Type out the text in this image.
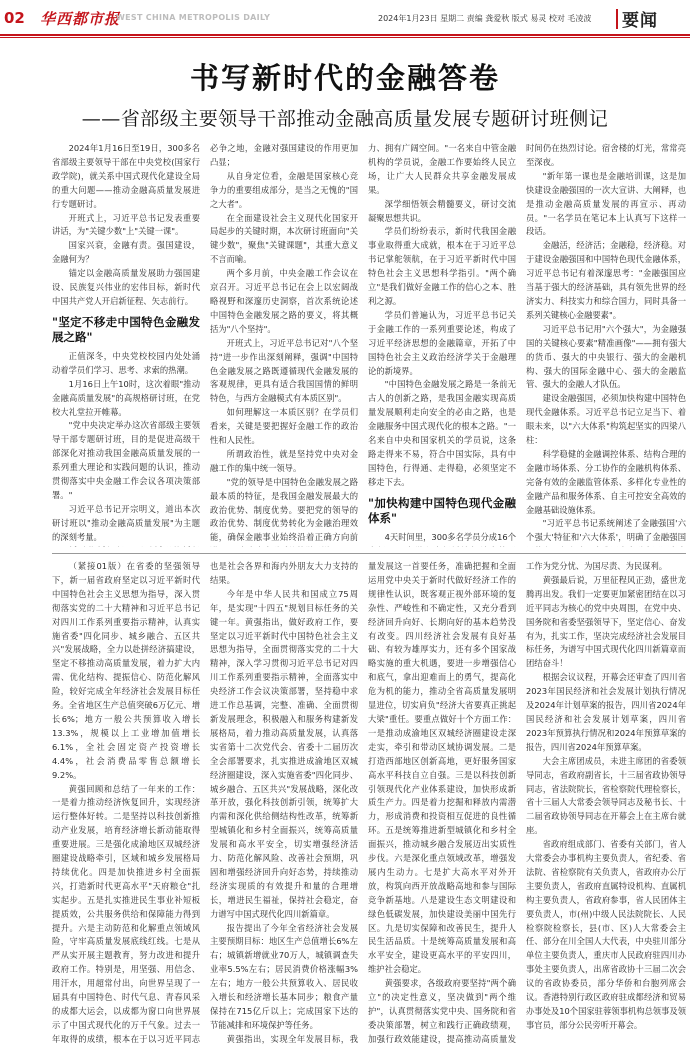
02 华西都市报
WEST CHINA METROPOLIS DAILY	2024年1月23日 星期二 责编 龚爱秋 版式 易灵 校对 毛凌波 要闻
书写新时代的金融答卷
——省部级主要领导干部推动金融高质量发展专题研讨班侧记

2024年1月16日至19日，300多名省部级主要领导干部在中央党校(国家行政学院)，就关系中国式现代化建设全局的重大问题——推动金融高质量发展进行专题研讨。

开班式上，习近平总书记发表重要讲话，为"关键少数"上"关键一课"。

国家兴衰，金融有责。强国建设，金融何为？

锚定以金融高质量发展助力强国建设、民族复兴伟业的宏伟目标，新时代中国共产党人开启新征程、矢志前行。

"坚定不移走中国特色金融发展之路"

正值深冬，中央党校校园内处处涌动着学员们学习、思考、求索的热潮。

1月16日上午10时，这次着眼"推动金融高质量发展"的高规格研讨班，在党校大礼堂拉开帷幕。

"党中央决定举办这次省部级主要领导干部专题研讨班，目的是促进高级干部深化对推动我国金融高质量发展的一系列重大理论和实践问题的认识，推动贯彻落实中央金融工作会议各项决策部署。"

习近平总书记开宗明义，道出本次研讨班以"推动金融高质量发展"为主题的深刻考量。

必争之地，金融对强国建设的作用更加凸显；

从自身定位看，金融是国家核心竞争力的重要组成部分，是当之无愧的"国之大者"。

在全面建设社会主义现代化国家开局起步的关键时期，本次研讨班面向"关键少数"，聚焦"关键课题"，其重大意义不言而喻。

两个多月前，中央金融工作会议在京召开。习近平总书记在会上以宏阔战略视野和深邃历史洞察，首次系统论述中国特色金融发展之路的要义，将其概括为"八个坚持"。

开班式上，习近平总书记对"八个坚持"进一步作出深刻阐释，强调"中国特色金融发展之路既遵循现代金融发展的客观规律，更具有适合我国国情的鲜明特色，与西方金融模式有本质区别"。

如何理解这一本质区别？在学员们看来，关键是要把握好金融工作的政治性和人民性。

所谓政治性，就是坚持党中央对金融工作的集中统一领导。

"党的领导是中国特色金融发展之路最本质的特征，是我国金融发展最大的政治优势、制度优势。要把党的领导的政治优势、制度优势转化为金融治理效能，确保金融事业始终沿着正确方向前

力、拥有广阔空间。"一名来自中管金融机构的学员说，金融工作要始终人民立场，让广大人民群众共享金融发展成果。

深学细悟领会精髓要义，研讨交流凝聚思想共识。

学员们纷纷表示，新时代我国金融事业取得重大成就，根本在于习近平总书记掌舵领航，在于习近平新时代中国特色社会主义思想科学指引。"两个确立"是我们做好金融工作的信心之本、胜利之源。

学员们普遍认为，习近平总书记关于金融工作的一系列重要论述，构成了习近平经济思想的金融篇章，开拓了中国特色社会主义政治经济学关于金融理论的新境界。

"中国特色金融发展之路是一条前无古人的创新之路，是我国金融实现高质量发展顺利走向安全的必由之路，也是金融服务中国式现代化的根本之路。"一名来自中央和国家机关的学员说，这条路走得来不易，符合中国实际，具有中国特色，行得通、走得稳，必须坚定不移走下去。

"加快构建中国特色现代金融体系"

4天时间里，300多名学员分成16个

时间仍在热烈讨论。宿舍楼的灯光，常常亮至深夜。

"新年第一课也是金融培训课，这是加快建设金融强国的一次大宣讲、大阐释，也是推动金融高质量发展的再宣示、再动员。"一名学员在笔记本上认真写下这样一段话。

金融活，经济活；金融稳，经济稳。对于建设金融强国和中国特色现代金融体系，习近平总书记有着深邃思考："金融强国应当基于强大的经济基础，具有领先世界的经济实力、科技实力和综合国力，同时具备一系列关键核心金融要素"。

习近平总书记用"六个强大"，为金融强国的关键核心要素"精准画像"——拥有强大的货币、强大的中央银行、强大的金融机构、强大的国际金融中心、强大的金融监管、强大的金融人才队伍。

建设金融强国，必须加快构建中国特色现代金融体系。习近平总书记立足当下、着眼未来，以"六大体系"构筑起坚实的四梁八柱：

科学稳健的金融调控体系、结构合理的金融市场体系、分工协作的金融机构体系、完备有效的金融监管体系、多样化专业性的金融产品和服务体系、自主可控安全高效的金融基础设施体系。

"习近平总书记系统阐述了金融强国'六个强大'特征和'六大体系'，明确了金融强国

（紧接01版）在省委的坚强领导下，新一届省政府坚定以习近平新时代中国特色社会主义思想为指导，深入贯彻落实党的二十大精神和习近平总书记对四川工作系列重要指示精神，认真实施省委"四化同步、城乡融合、五区共兴"发展战略，全力以赴拼经济搞建设，坚定不移推动高质量发展，着力扩大内需、优化结构、提振信心、防范化解风险，较好完成全年经济社会发展目标任务。全省地区生产总值突破6万亿元、增长6%；地方一般公共预算收入增长13.3%，规模以上工业增加值增长6.1%，全社会固定资产投资增长4.4%，社会消费品零售总额增长9.2%。

黄强回顾和总结了一年来的工作：一是着力推动经济恢复回升，实现经济运行整体好转。二是坚持以科技创新推动产业发展，培育经济增长新动能取得重要进展。三是强化成渝地区双城经济圈建设战略牵引，区域和城乡发展格局持续优化。四是加快推进乡村全面振兴，打造新时代更高水平"天府粮仓"扎实起步。五是扎实推进民生事业补短板提质效，公共服务供给和保障能力得到提升。六是主动防范和化解重点领域风险，守牢高质量发展底线红线。七是从严从实开展主题教育，努力改进和提升政府工作。特别是，用坚强、用信念、用汗水，用超常付出，向世界呈现了一届具有中国特色、时代气息、青春风采的成都大运会，以成都为窗口向世界展示了中国式现代化的万千气象。过去一年取得的成绩，根本在于以习近平同志

也是社会各界和海内外朋友大力支持的结果。

今年是中华人民共和国成立75周年，是实现"十四五"规划目标任务的关键一年。黄强指出，做好政府工作，要坚定以习近平新时代中国特色社会主义思想为指导，全面贯彻落实党的二十大精神，深入学习贯彻习近平总书记对四川工作系列重要指示精神，全面落实中央经济工作会议决策部署，坚持稳中求进工作总基调，完整、准确、全面贯彻新发展理念，积极融入和服务构建新发展格局，着力推动高质量发展，认真落实省第十二次党代会、省委十二届历次全会部署要求，扎实推进成渝地区双城经济圈建设，深入实施省委"四化同步、城乡融合、五区共兴"发展战略，深化改革开放，强化科技创新引领，统筹扩大内需和深化供给侧结构性改革，统筹新型城镇化和乡村全面振兴，统筹高质量发展和高水平安全，切实增强经济活力、防范化解风险、改善社会预期，巩固和增强经济回升向好态势，持续推动经济实现质的有效提升和量的合理增长，增进民生福祉，保持社会稳定，奋力谱写中国式现代化四川新篇章。

报告提出了今年全省经济社会发展主要预期目标：地区生产总值增长6%左右；城镇新增就业70万人，城镇调查失业率5.5%左右；居民消费价格涨幅3%左右；地方一般公共预算收入、居民收入增长和经济增长基本同步；粮食产量保持在715亿斤以上；完成国家下达的节能减排和环境保护等任务。

黄强指出，实现全年发展目标，我

量发展这一首要任务，准确把握和全面运用党中央关于新时代做好经济工作的规律性认识，既客观正视外部环境的复杂性、严峻性和不确定性，又充分看到经济回升向好、长期向好的基本趋势没有改变。四川经济社会发展有良好基础、有较为雄厚实力，还有多个国家战略实施的重大机遇，要进一步增强信心和底气，拿出迎难而上的勇气，提高化危为机的能力，推动全省高质量发展明显进位，切实肩负"经济大省要真正挑起大梁"重任。要重点做好十个方面工作：一是推动成渝地区双城经济圈建设走深走实，牵引和带动区域协调发展。二是打造西部地区创新高地，更好服务国家高水平科技自立自强。三是以科技创新引领现代化产业体系建设，加快形成新质生产力。四是着力挖掘和释放内需潜力，形成消费和投资相互促进的良性循环。五是统筹推进新型城镇化和乡村全面振兴，推动城乡融合发展迈出实质性步伐。六是深化重点领域改革，增强发展内生动力。七是扩大高水平对外开放，构筑向西开放战略高地和参与国际竞争新基地。八是建设生态文明建设和绿色低碳发展，加快建设美丽中国先行区。九是切实保障和改善民生，提升人民生活品质。十是统筹高质量发展和高水平安全，建设更高水平的平安四川，维护社会稳定。

黄强要求，各级政府要坚持"两个确立"的决定性意义，坚决做到"两个维护"，认真贯彻落实党中央、国务院和省委决策部署，树立和践行正确政绩观，加强行政效能建设，提高推动高质量发

工作为党分忧、为国尽责、为民谋利。

黄强最后说，万里征程风正劲，盛世龙腾再出发。我们一定要更加紧密团结在以习近平同志为核心的党中央周围，在党中央、国务院和省委坚强领导下，坚定信心、奋发有为，扎实工作，坚决完成经济社会发展目标任务，为谱写中国式现代化四川新篇章而团结奋斗！

根据会议议程，开幕会还审查了四川省2023年国民经济和社会发展计划执行情况及2024年计划草案的报告，四川省2024年国民经济和社会发展计划草案，四川省2023年预算执行情况和2024年预算草案的报告，四川省2024年预算草案。

大会主席团成员，未进主席团的省委领导同志，省政府副省长，十三届省政协领导同志，省法院院长，省检察院代理检察长，省十三届人大常委会领导同志及秘书长、十二届省政协领导同志在开幕会上在主席台就座。

省政府组成部门、省委有关部门，省人大常委会办事机构主要负责人，省纪委、省法院、省检察院有关负责人，省政府办公厅主要负责人，省政府直属特设机构、直属机构主要负责人，省政府参事，省人民团体主要负责人，市(州)中级人民法院院长、人民检察院检察长，县(市、区)人大常委会主任、部分在川全国人大代表，中央驻川部分单位主要负责人，重庆市人民政府驻四川办事处主要负责人，出席省政协十三届二次会议的省政协委员，部分华侨和台胞列席会议。香港特别行政区政府驻成都经济和贸易办事处及10个国家驻蓉领事机构总领事及领事官员，部分公民旁听开幕会。
